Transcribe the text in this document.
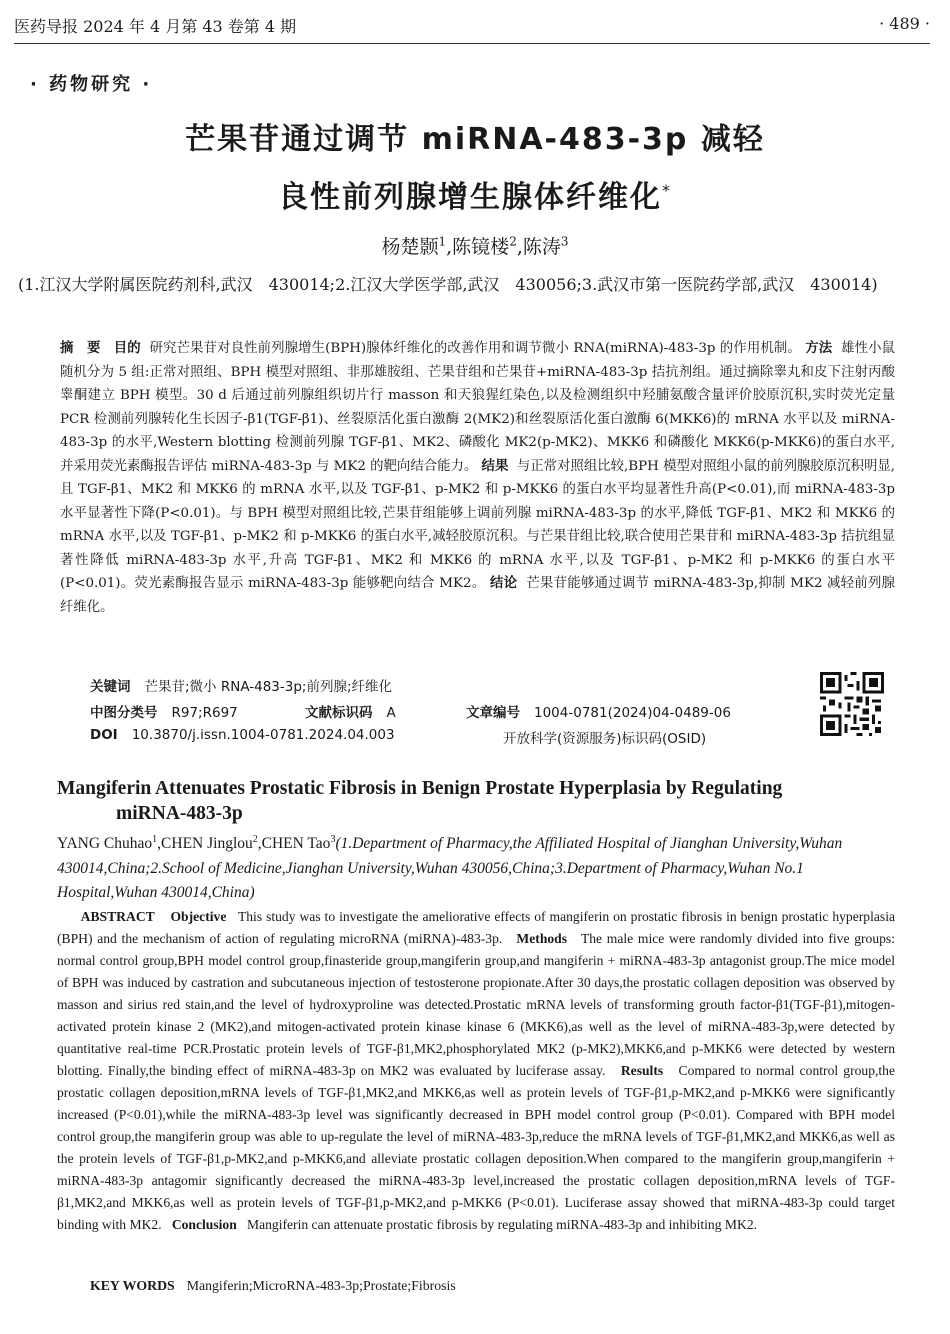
医药导报 2024 年 4 月第 43 卷第 4 期	· 489 ·
· 药物研究 ·
芒果苷通过调节 miRNA-483-3p 减轻
良性前列腺增生腺体纤维化*
杨楚颢$^1$,陈镜楼$^2$,陈涛$^3$
(1.江汉大学附属医院药剂科,武汉　430014;2.江汉大学医学部,武汉　430056;3.武汉市第一医院药学部,武汉　430014)
摘　要 目的 研究芒果苷对良性前列腺增生(BPH)腺体纤维化的改善作用和调节微小 RNA(miRNA)-483-3p 的作用机制。 方法 雄性小鼠随机分为 5 组:正常对照组、BPH 模型对照组、非那雄胺组、芒果苷组和芒果苷+miRNA-483-3p 拮抗剂组。通过摘除睾丸和皮下注射丙酸睾酮建立 BPH 模型。30 d 后通过前列腺组织切片行 masson 和天狼猩红染色,以及检测组织中羟脯氨酸含量评价胶原沉积,实时荧光定量 PCR 检测前列腺转化生长因子-β1(TGF-β1)、丝裂原活化蛋白激酶 2(MK2)和丝裂原活化蛋白激酶 6(MKK6)的 mRNA 水平以及 miRNA-483-3p 的水平,Western blotting 检测前列腺 TGF-β1、MK2、磷酸化 MK2(p-MK2)、MKK6 和磷酸化 MKK6(p-MKK6)的蛋白水平,并采用荧光素酶报告评估 miRNA-483-3p 与 MK2 的靶向结合能力。 结果 与正常对照组比较,BPH 模型对照组小鼠的前列腺胶原沉积明显,且 TGF-β1、MK2 和 MKK6 的 mRNA 水平,以及 TGF-β1、p-MK2 和 p-MKK6 的蛋白水平均显著性升高(P<0.01),而 miRNA-483-3p 水平显著性下降(P<0.01)。与 BPH 模型对照组比较,芒果苷组能够上调前列腺 miRNA-483-3p 的水平,降低 TGF-β1、MK2 和 MKK6 的 mRNA 水平,以及 TGF-β1、p-MK2 和 p-MKK6 的蛋白水平,减轻胶原沉积。与芒果苷组比较,联合使用芒果苷和 miRNA-483-3p 拮抗组显著性降低 miRNA-483-3p 水平,升高 TGF-β1、MK2 和 MKK6 的 mRNA 水平,以及 TGF-β1、p-MK2 和 p-MKK6 的蛋白水平(P<0.01)。荧光素酶报告显示 miRNA-483-3p 能够靶向结合 MK2。 结论 芒果苷能够通过调节 miRNA-483-3p,抑制 MK2 减轻前列腺纤维化。
关键词 芒果苷;微小 RNA-483-3p;前列腺;纤维化
中图分类号 R97;R697	文献标识码 A	文章编号 1004-0781(2024)04-0489-06
DOI 10.3870/j.issn.1004-0781.2024.04.003	开放科学(资源服务)标识码(OSID)
Mangiferin Attenuates Prostatic Fibrosis in Benign Prostate Hyperplasia by Regulating
miRNA-483-3p
YANG Chuhao$^1$,CHEN Jinglou$^2$,CHEN Tao$^3$(1.Department of Pharmacy,the Affiliated Hospital of Jianghan University,Wuhan 430014,China;2.School of Medicine,Jianghan University,Wuhan 430056,China;3.Department of Pharmacy,Wuhan No.1 Hospital,Wuhan 430014,China)
ABSTRACT Objective This study was to investigate the ameliorative effects of mangiferin on prostatic fibrosis in benign prostatic hyperplasia (BPH) and the mechanism of action of regulating microRNA (miRNA)-483-3p. Methods The male mice were randomly divided into five groups: normal control group,BPH model control group,finasteride group,mangiferin group,and mangiferin + miRNA-483-3p antagonist group.The mice model of BPH was induced by castration and subcutaneous injection of testosterone propionate.After 30 days,the prostatic collagen deposition was observed by masson and sirius red stain,and the level of hydroxyproline was detected.Prostatic mRNA levels of transforming grouth factor-β1(TGF-β1),mitogen-activated protein kinase 2 (MK2),and mitogen-activated protein kinase kinase 6 (MKK6),as well as the level of miRNA-483-3p,were detected by quantitative real-time PCR.Prostatic protein levels of TGF-β1,MK2,phosphorylated MK2 (p-MK2),MKK6,and p-MKK6 were detected by western blotting. Finally,the binding effect of miRNA-483-3p on MK2 was evaluated by luciferase assay. Results Compared to normal control group,the prostatic collagen deposition,mRNA levels of TGF-β1,MK2,and MKK6,as well as protein levels of TGF-β1,p-MK2,and p-MKK6 were significantly increased (P<0.01),while the miRNA-483-3p level was significantly decreased in BPH model control group (P<0.01). Compared with BPH model control group,the mangiferin group was able to up-regulate the level of miRNA-483-3p,reduce the mRNA levels of TGF-β1,MK2,and MKK6,as well as the protein levels of TGF-β1,p-MK2,and p-MKK6,and alleviate prostatic collagen deposition.When compared to the mangiferin group,mangiferin + miRNA-483-3p antagomir significantly decreased the miRNA-483-3p level,increased the prostatic collagen deposition,mRNA levels of TGF-β1,MK2,and MKK6,as well as protein levels of TGF-β1,p-MK2,and p-MKK6 (P<0.01). Luciferase assay showed that miRNA-483-3p could target binding with MK2. Conclusion Mangiferin can attenuate prostatic fibrosis by regulating miRNA-483-3p and inhibiting MK2.
KEY WORDS Mangiferin;MicroRNA-483-3p;Prostate;Fibrosis
